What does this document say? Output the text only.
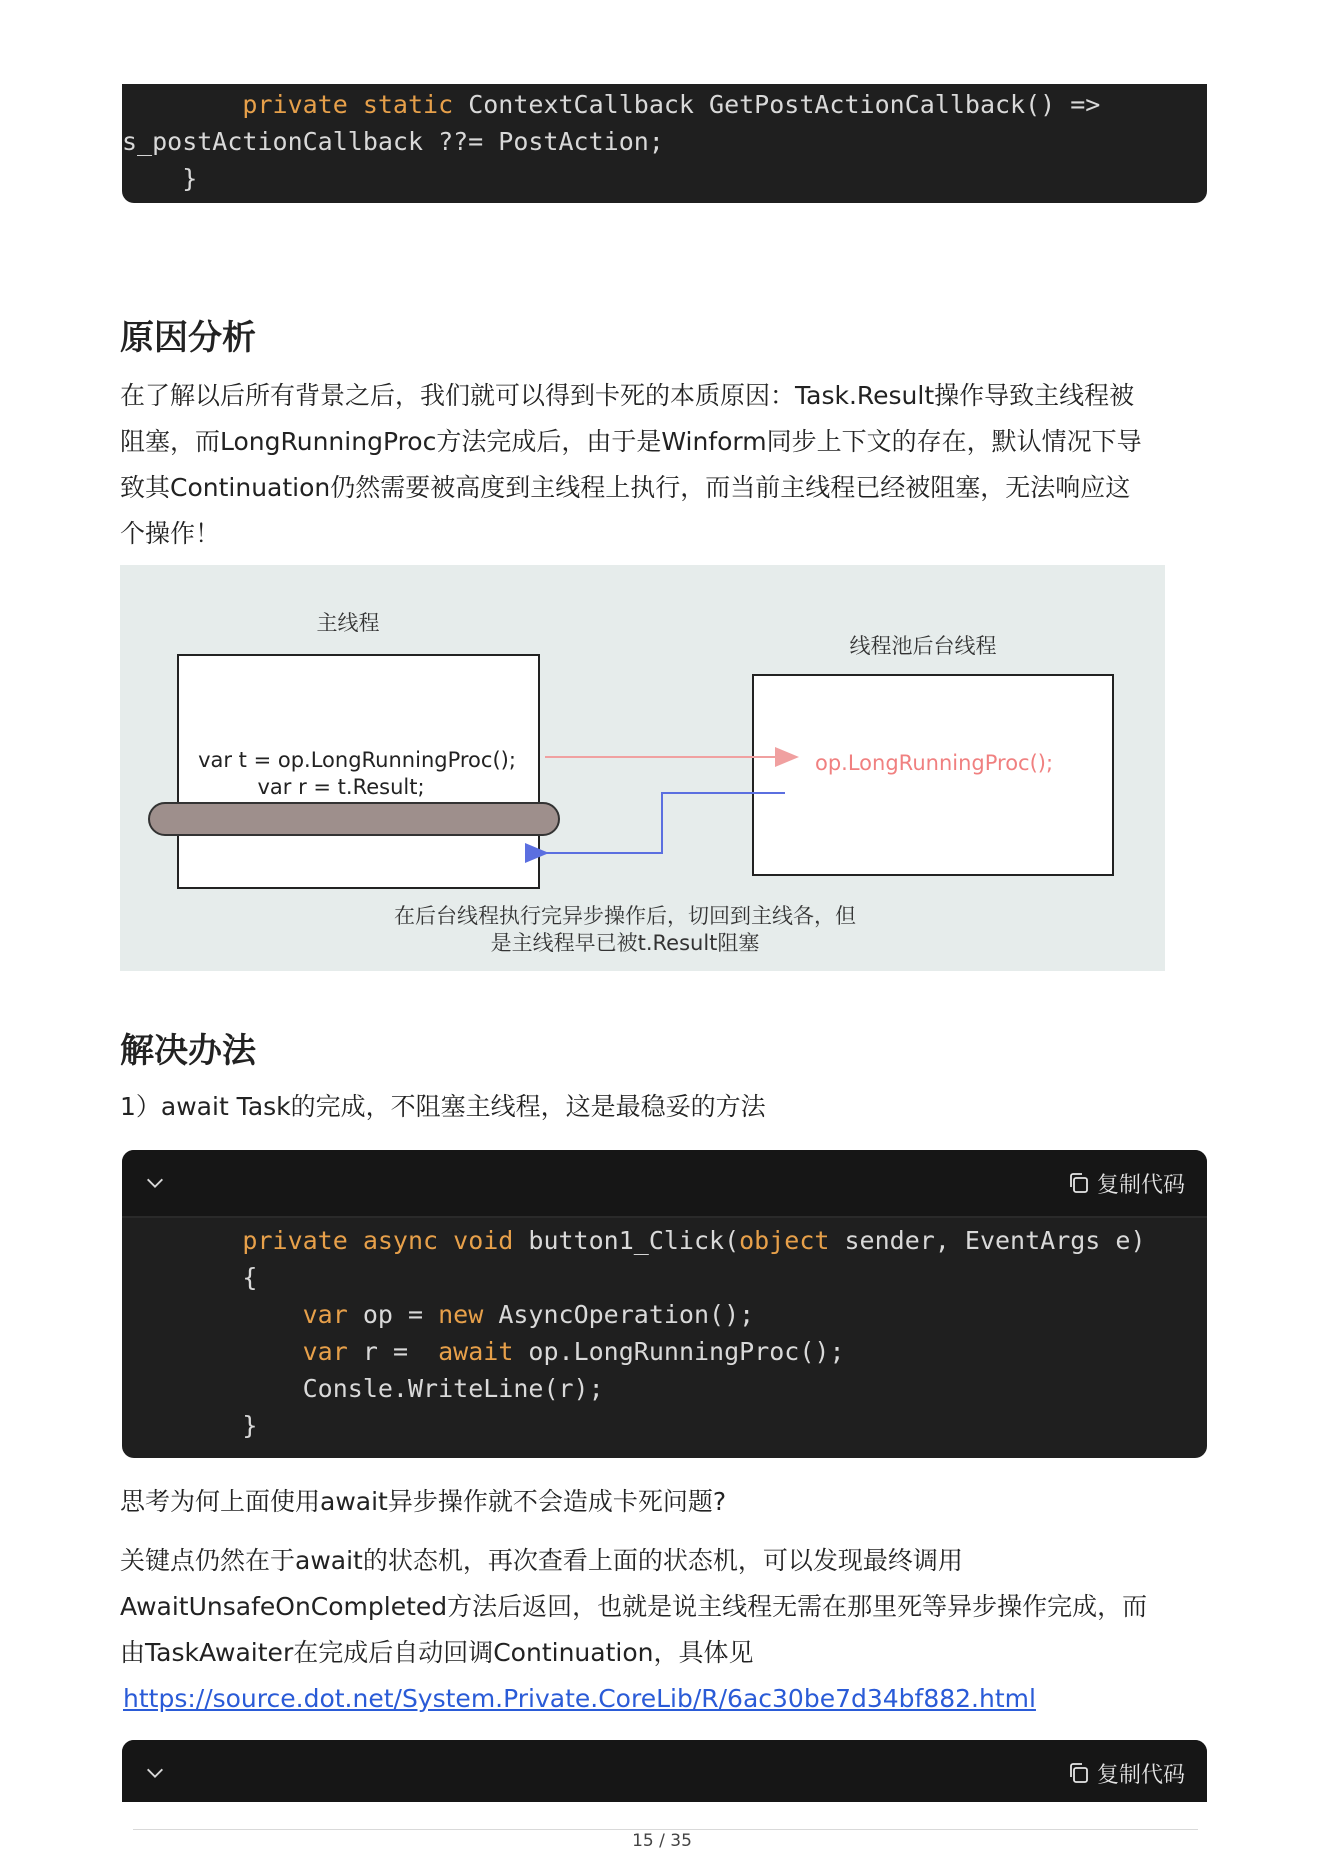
private static ContextCallback GetPostActionCallback() =>
s_postActionCallback ??= PostAction;
}
原因分析

在了解以后所有背景之后，我们就可以得到卡死的本质原因：Task.Result操作导致主线程被

阻塞，而LongRunningProc方法完成后，由于是Winform同步上下文的存在，默认情况下导

致其Continuation仍然需要被高度到主线程上执行，而当前主线程已经被阻塞，无法响应这

个操作！

主线程
var t = op.LongRunningProc();
var r = t.Result;
线程池后台线程
op.LongRunningProc();
在后台线程执行完异步操作后，切回到主线各，但
是主线程早已被t.Result阻塞
解决办法

1）await Task的完成，不阻塞主线程，这是最稳妥的方法

复制代码
private async void button1_Click(object sender, EventArgs e)
{
var op = new AsyncOperation();
var r =  await op.LongRunningProc();
Consle.WriteLine(r);
}

思考为何上面使用await异步操作就不会造成卡死问题?

关键点仍然在于await的状态机，再次查看上面的状态机，可以发现最终调用

AwaitUnsafeOnCompleted方法后返回，也就是说主线程无需在那里死等异步操作完成，而

由TaskAwaiter在完成后自动回调Continuation，具体见

https://source.dot.net/System.Private.CoreLib/R/6ac30be7d34bf882.html

复制代码
15 / 35
